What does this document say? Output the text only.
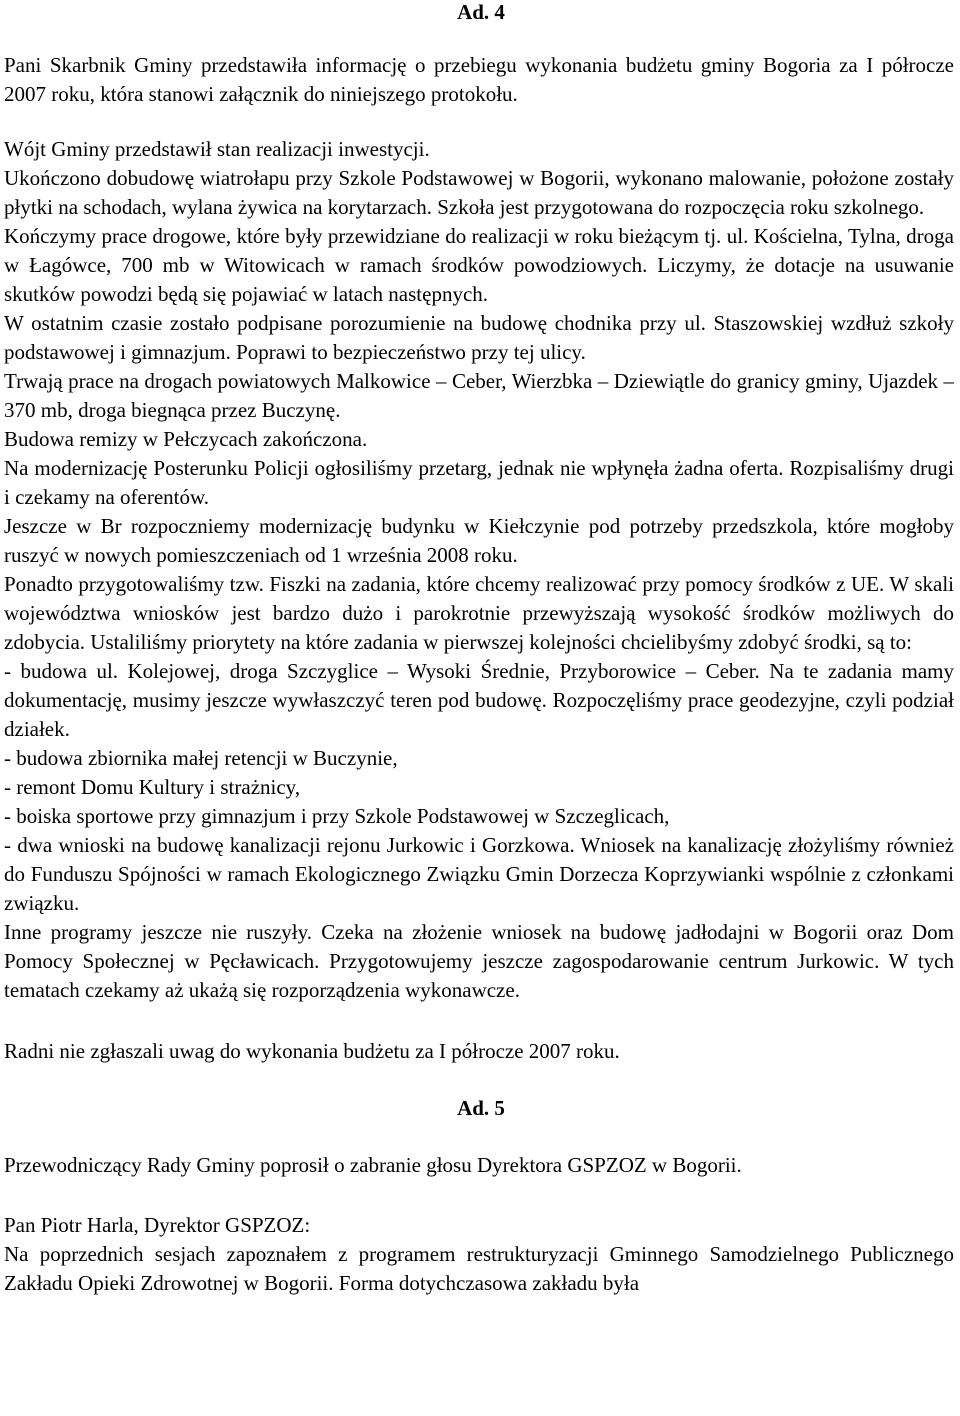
Ad. 4

Pani Skarbnik Gminy przedstawiła informację o przebiegu wykonania budżetu gminy Bogoria za I półrocze 2007 roku, która stanowi załącznik do niniejszego protokołu.

Wójt Gminy przedstawił stan realizacji inwestycji.

Ukończono dobudowę wiatrołapu przy Szkole Podstawowej w Bogorii, wykonano malowanie, położone zostały płytki na schodach, wylana żywica na korytarzach. Szkoła jest przygotowana do rozpoczęcia roku szkolnego.

Kończymy prace drogowe, które były przewidziane do realizacji w roku bieżącym tj. ul. Kościelna, Tylna, droga w Łagówce, 700 mb w Witowicach w ramach środków powodziowych. Liczymy, że dotacje na usuwanie skutków powodzi będą się pojawiać w latach następnych.

W ostatnim czasie zostało podpisane porozumienie na budowę chodnika przy ul. Staszowskiej wzdłuż szkoły podstawowej i gimnazjum. Poprawi to bezpieczeństwo przy tej ulicy.

Trwają prace na drogach powiatowych Malkowice – Ceber, Wierzbka – Dziewiątle do granicy gminy, Ujazdek – 370 mb, droga biegnąca przez Buczynę.

Budowa remizy w Pełczycach zakończona.

Na modernizację Posterunku Policji ogłosiliśmy przetarg, jednak nie wpłynęła żadna oferta. Rozpisaliśmy drugi i czekamy na oferentów.

Jeszcze w Br rozpoczniemy modernizację budynku w Kiełczynie pod potrzeby przedszkola, które mogłoby ruszyć w nowych pomieszczeniach od 1 września 2008 roku.

Ponadto przygotowaliśmy tzw. Fiszki na zadania, które chcemy realizować przy pomocy środków z UE. W skali województwa wniosków jest bardzo dużo i parokrotnie przewyższają wysokość środków możliwych do zdobycia. Ustaliliśmy priorytety na które zadania w pierwszej kolejności chcielibyśmy zdobyć środki, są to:

- budowa ul. Kolejowej, droga Szczyglice – Wysoki Średnie, Przyborowice – Ceber. Na te zadania mamy dokumentację, musimy jeszcze wywłaszczyć teren pod budowę. Rozpoczęliśmy prace geodezyjne, czyli podział działek.

- budowa zbiornika małej retencji w Buczynie,

- remont Domu Kultury i strażnicy,

- boiska sportowe przy gimnazjum i przy Szkole Podstawowej w Szczeglicach,

- dwa wnioski na budowę kanalizacji rejonu Jurkowic i Gorzkowa. Wniosek na kanalizację złożyliśmy również do Funduszu Spójności w ramach Ekologicznego Związku Gmin Dorzecza Koprzywianki wspólnie z członkami związku.

Inne programy jeszcze nie ruszyły. Czeka na złożenie wniosek na budowę jadłodajni w Bogorii oraz Dom Pomocy Społecznej w Pęcławicach. Przygotowujemy jeszcze zagospodarowanie centrum Jurkowic. W tych tematach czekamy aż ukażą się rozporządzenia wykonawcze.

Radni nie zgłaszali uwag do wykonania budżetu za I półrocze 2007 roku.

Ad. 5

Przewodniczący Rady Gminy poprosił o zabranie głosu Dyrektora GSPZOZ w Bogorii.

Pan Piotr Harla, Dyrektor GSPZOZ:

Na poprzednich sesjach zapoznałem z programem restrukturyzacji Gminnego Samodzielnego Publicznego Zakładu Opieki Zdrowotnej w Bogorii. Forma dotychczasowa zakładu była
